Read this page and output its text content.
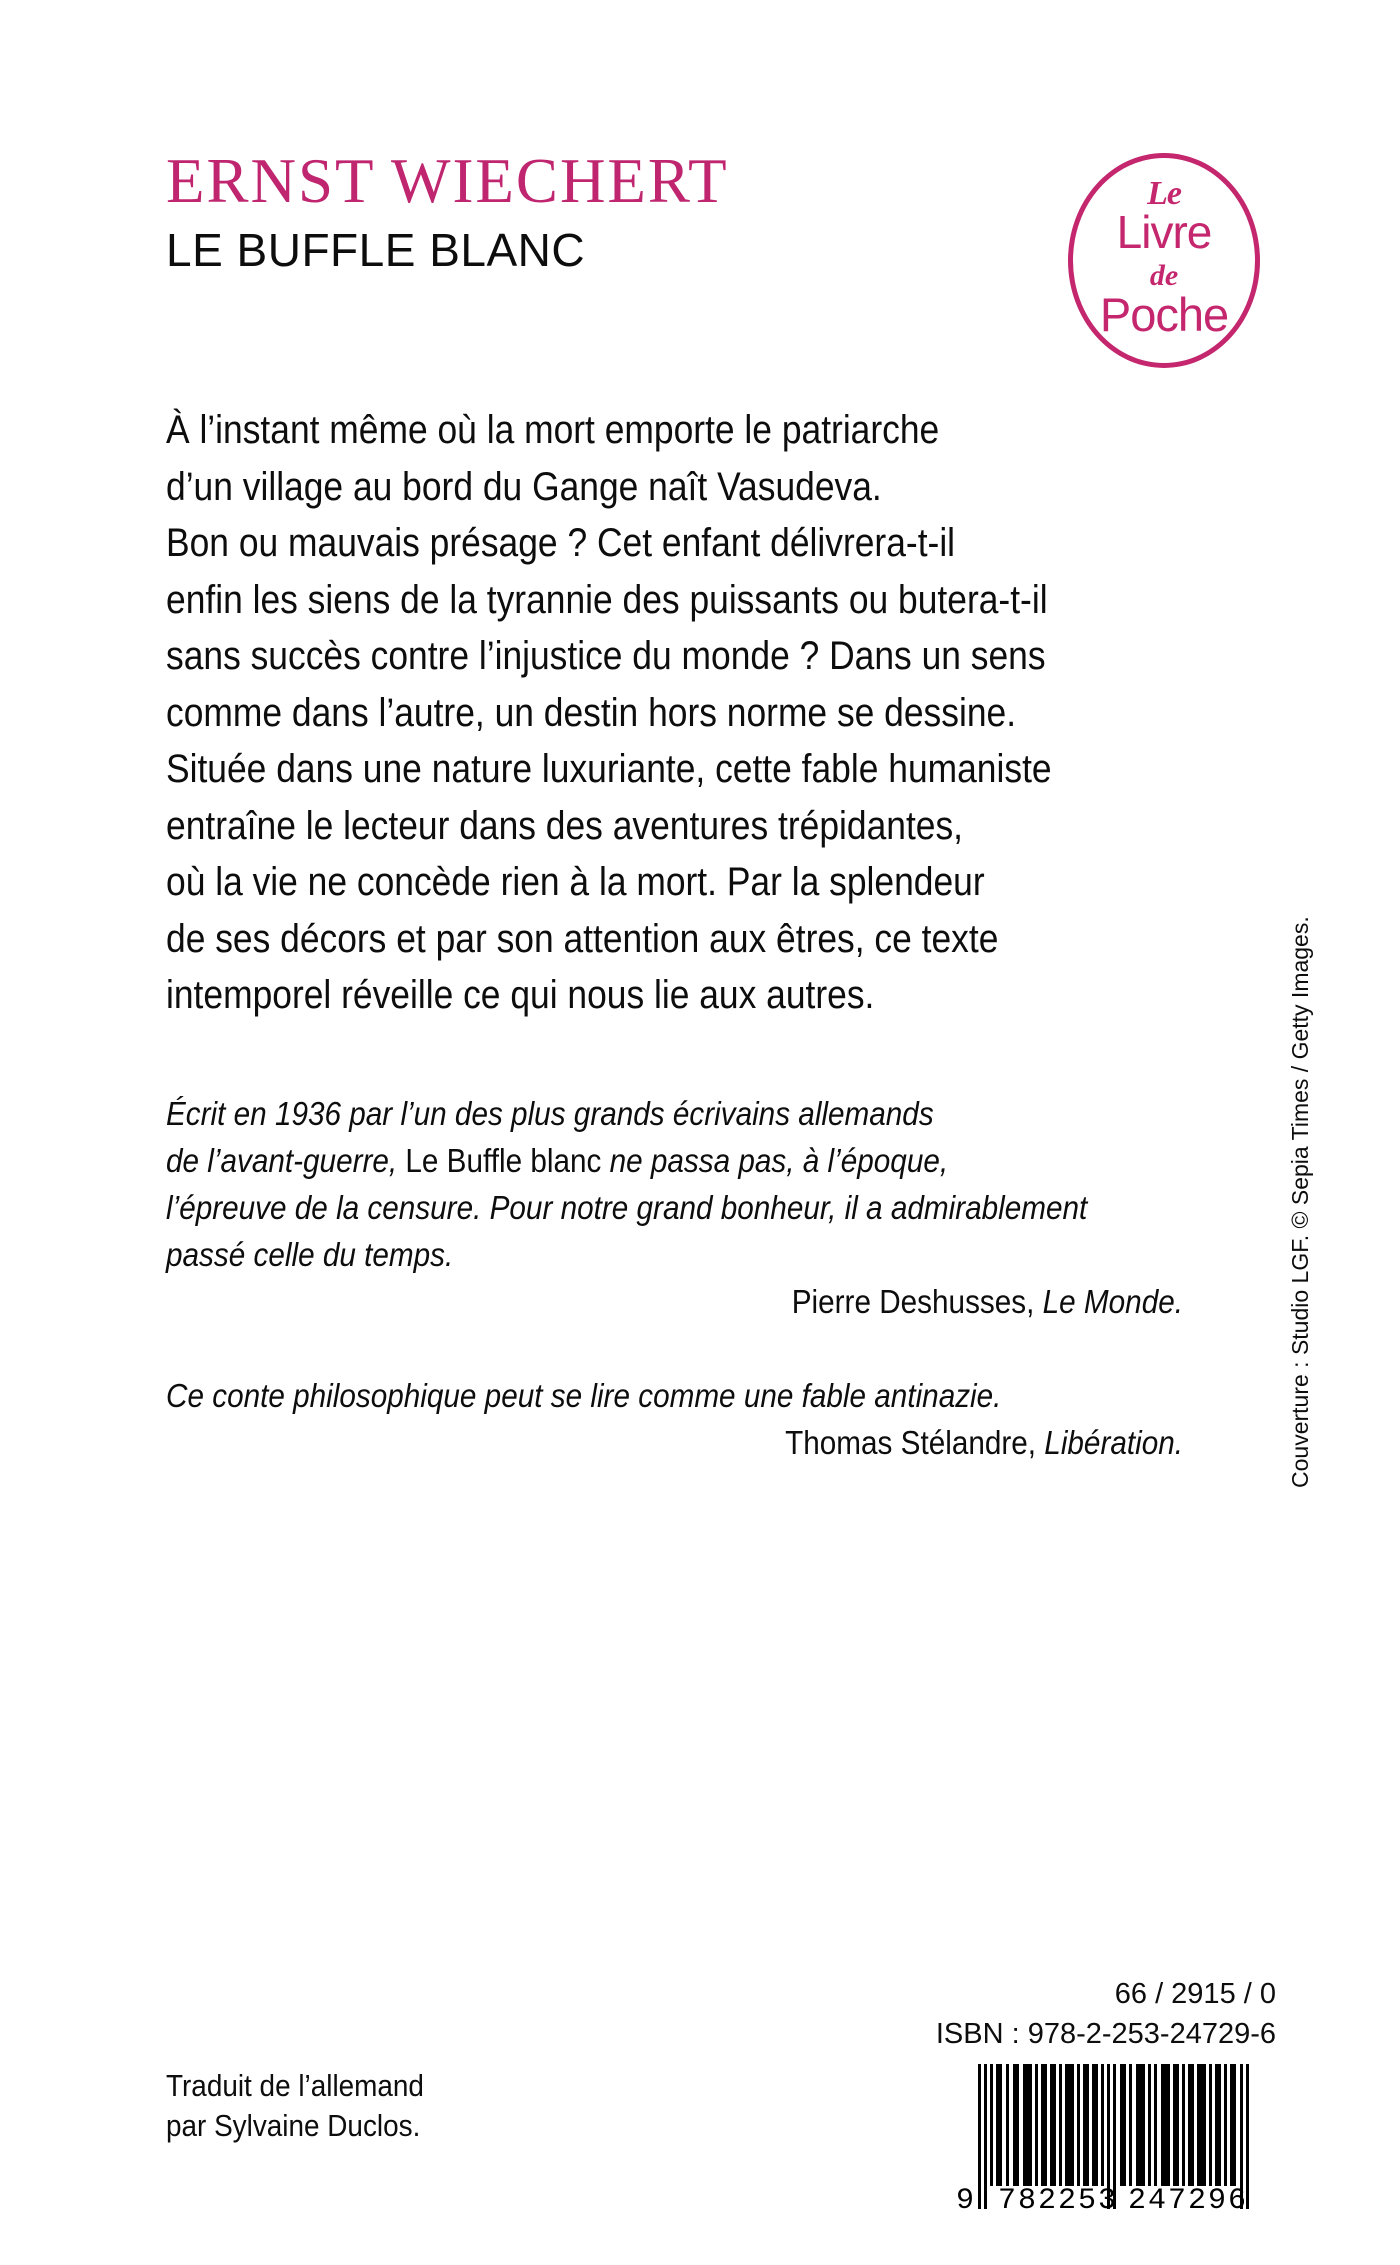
ERNST WIECHERT
LE BUFFLE BLANC
Le
Livre
de
Poche
À l’instant même où la mort emporte le patriarche
d’un village au bord du Gange naît Vasudeva.
Bon ou mauvais présage ? Cet enfant délivrera-t-il
enfin les siens de la tyrannie des puissants ou butera-t-il
sans succès contre l’injustice du monde ? Dans un sens
comme dans l’autre, un destin hors norme se dessine.
Située dans une nature luxuriante, cette fable humaniste
entraîne le lecteur dans des aventures trépidantes,
où la vie ne concède rien à la mort. Par la splendeur
de ses décors et par son attention aux êtres, ce texte
intemporel réveille ce qui nous lie aux autres.
Écrit en 1936 par l’un des plus grands écrivains allemands
de l’avant-guerre, Le Buffle blanc ne passa pas, à l’époque,
l’épreuve de la censure. Pour notre grand bonheur, il a admirablement
passé celle du temps.
Pierre Deshusses, Le Monde.
Ce conte philosophique peut se lire comme une fable antinazie.
Thomas Stélandre, Libération.	Couverture : Studio LGF. © Sepia Times / Getty Images.
66 / 2915 / 0
ISBN : 978-2-253-24729-6
Traduit de l’allemand
par Sylvaine Duclos.
9 782253 247296
